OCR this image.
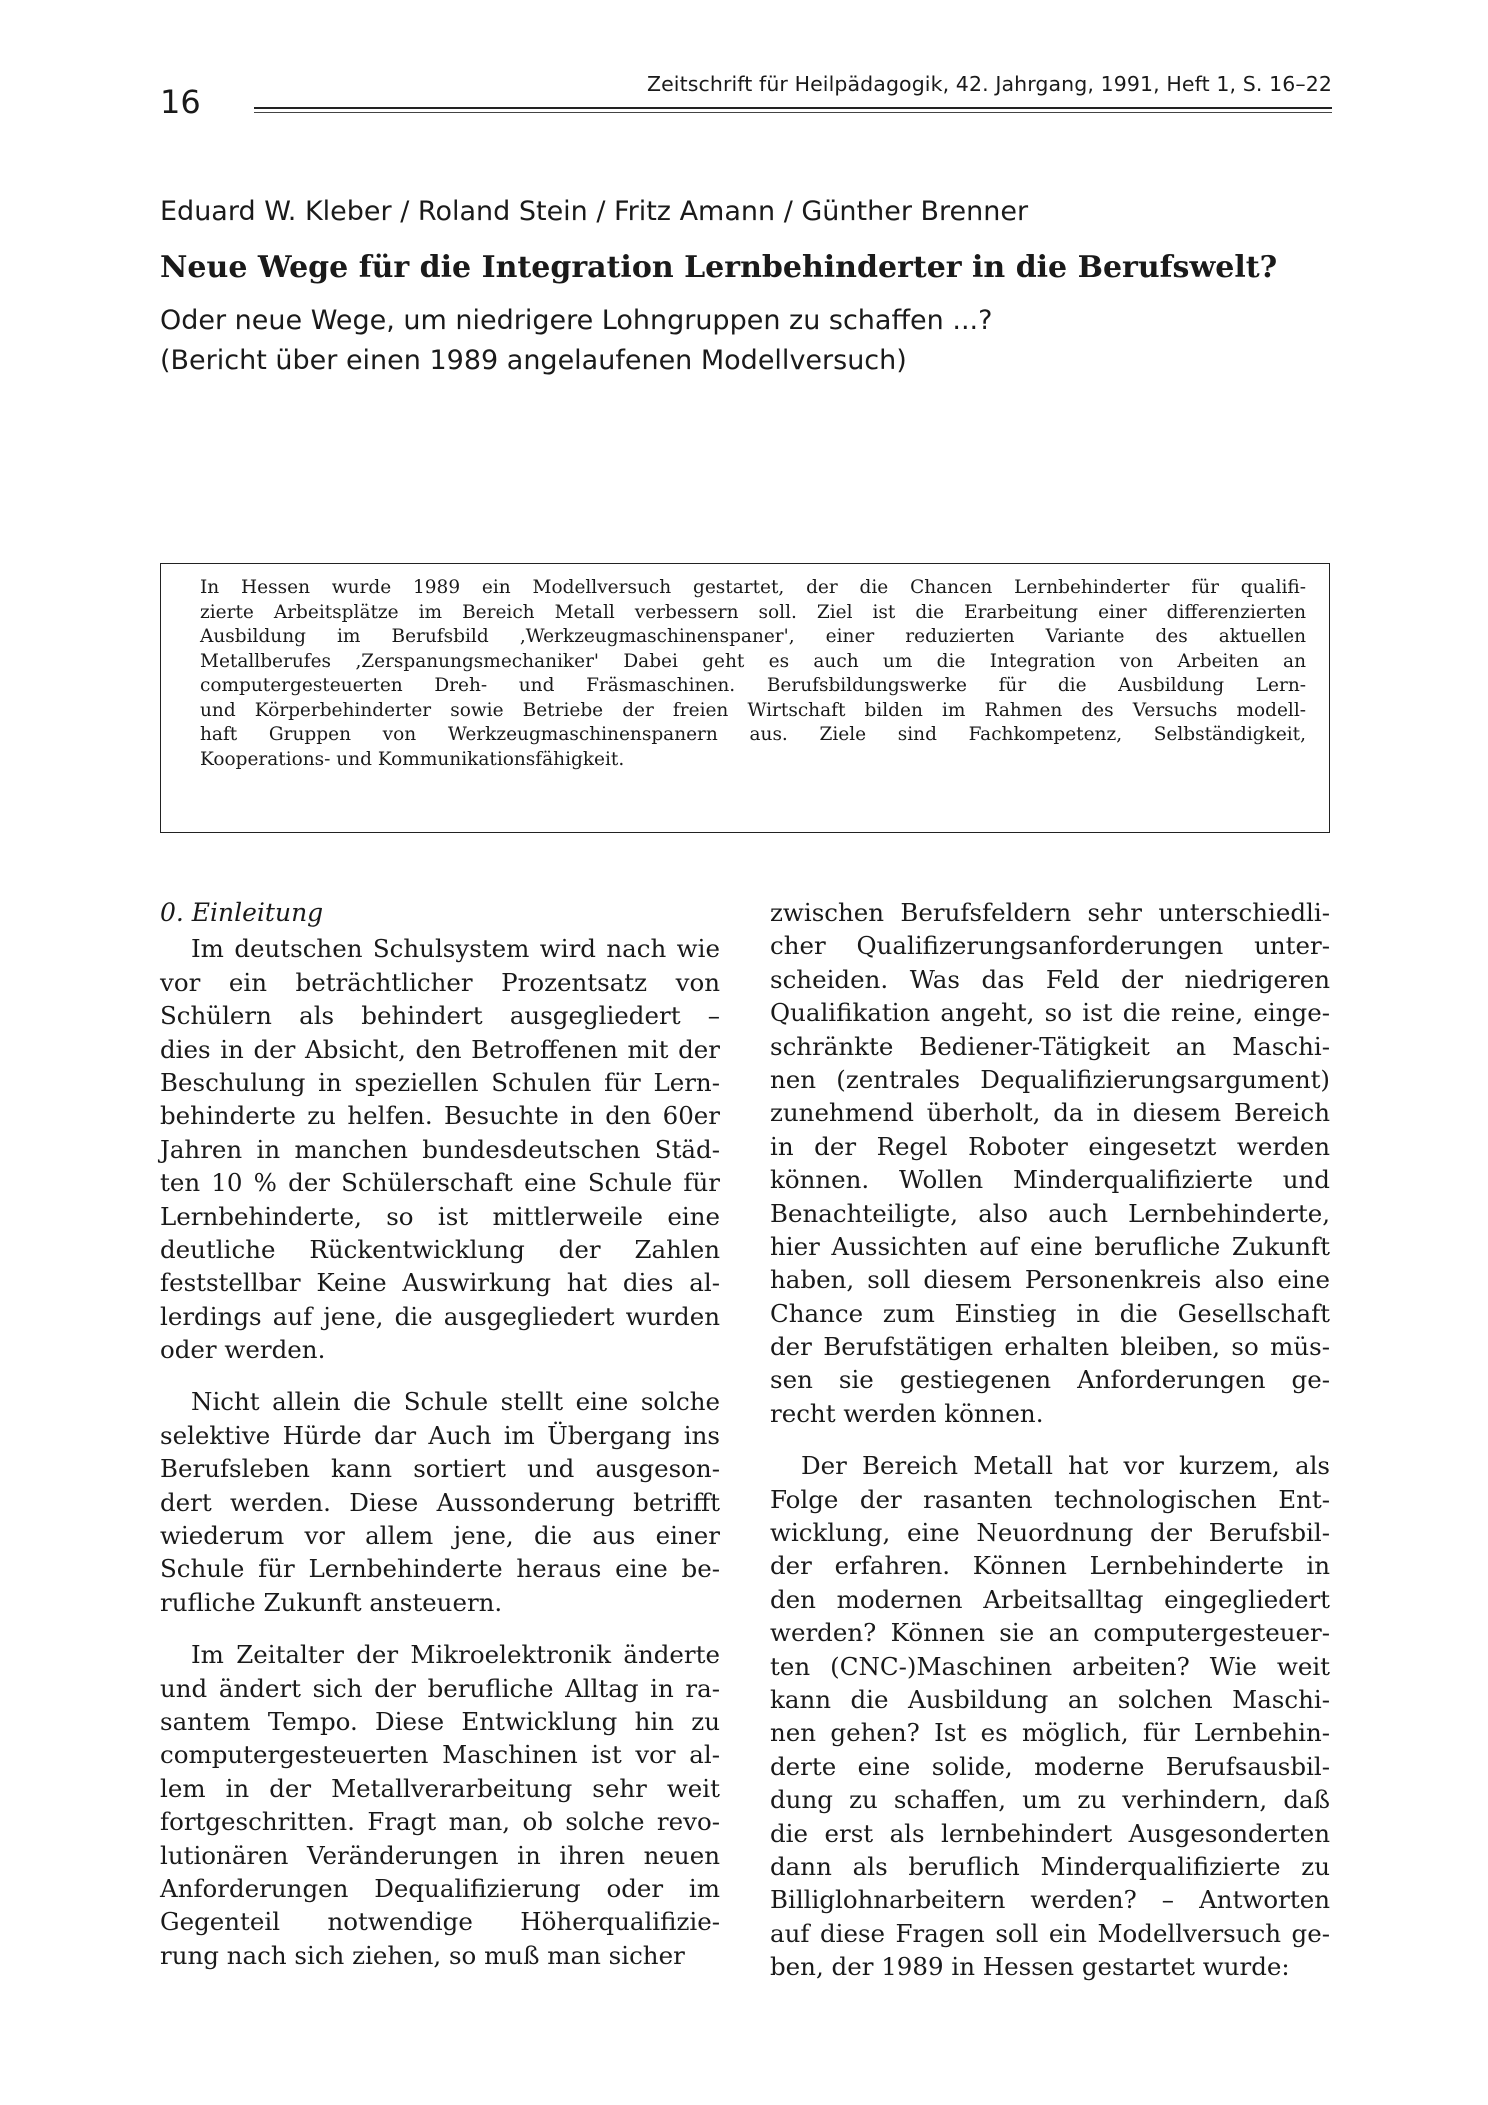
16	Zeitschrift für Heilpädagogik, 42. Jahrgang, 1991, Heft 1, S. 16–22
Eduard W. Kleber / Roland Stein / Fritz Amann / Günther Brenner
Neue Wege für die Integration Lernbehinderter in die Berufswelt?
Oder neue Wege, um niedrigere Lohngruppen zu schaffen ...?
(Bericht über einen 1989 angelaufenen Modellversuch)
In Hessen wurde 1989 ein Modellversuch gestartet, der die Chancen Lernbehinderter für qualifi-
zierte Arbeitsplätze im Bereich Metall verbessern soll. Ziel ist die Erarbeitung einer differenzierten
Ausbildung im Berufsbild ‚Werkzeugmaschinenspaner', einer reduzierten Variante des aktuellen
Metallberufes ‚Zerspanungsmechaniker' Dabei geht es auch um die Integration von Arbeiten an
computergesteuerten Dreh- und Fräsmaschinen. Berufsbildungswerke für die Ausbildung Lern-
und Körperbehinderter sowie Betriebe der freien Wirtschaft bilden im Rahmen des Versuchs modell-
haft Gruppen von Werkzeugmaschinenspanern aus. Ziele sind Fachkompetenz, Selbständigkeit,
Kooperations- und Kommunikationsfähigkeit.
0. Einleitung
Im deutschen Schulsystem wird nach wie
vor ein beträchtlicher Prozentsatz von
Schülern als behindert ausgegliedert –
dies in der Absicht, den Betroffenen mit der
Beschulung in speziellen Schulen für Lern-
behinderte zu helfen. Besuchte in den 60er
Jahren in manchen bundesdeutschen Städ-
ten 10 % der Schülerschaft eine Schule für
Lernbehinderte, so ist mittlerweile eine
deutliche Rückentwicklung der Zahlen
feststellbar Keine Auswirkung hat dies al-
lerdings auf jene, die ausgegliedert wurden
oder werden.
Nicht allein die Schule stellt eine solche
selektive Hürde dar Auch im Übergang ins
Berufsleben kann sortiert und ausgeson-
dert werden. Diese Aussonderung betrifft
wiederum vor allem jene, die aus einer
Schule für Lernbehinderte heraus eine be-
rufliche Zukunft ansteuern.
Im Zeitalter der Mikroelektronik änderte
und ändert sich der berufliche Alltag in ra-
santem Tempo. Diese Entwicklung hin zu
computergesteuerten Maschinen ist vor al-
lem in der Metallverarbeitung sehr weit
fortgeschritten. Fragt man, ob solche revo-
lutionären Veränderungen in ihren neuen
Anforderungen Dequalifizierung oder im
Gegenteil notwendige Höherqualifizie-
rung nach sich ziehen, so muß man sicher
zwischen Berufsfeldern sehr unterschiedli-
cher Qualifizerungsanforderungen unter-
scheiden. Was das Feld der niedrigeren
Qualifikation angeht, so ist die reine, einge-
schränkte Bediener-Tätigkeit an Maschi-
nen (zentrales Dequalifizierungsargument)
zunehmend überholt, da in diesem Bereich
in der Regel Roboter eingesetzt werden
können. Wollen Minderqualifizierte und
Benachteiligte, also auch Lernbehinderte,
hier Aussichten auf eine berufliche Zukunft
haben, soll diesem Personenkreis also eine
Chance zum Einstieg in die Gesellschaft
der Berufstätigen erhalten bleiben, so müs-
sen sie gestiegenen Anforderungen ge-
recht werden können.
Der Bereich Metall hat vor kurzem, als
Folge der rasanten technologischen Ent-
wicklung, eine Neuordnung der Berufsbil-
der erfahren. Können Lernbehinderte in
den modernen Arbeitsalltag eingegliedert
werden? Können sie an computergesteuer-
ten (CNC-)Maschinen arbeiten? Wie weit
kann die Ausbildung an solchen Maschi-
nen gehen? Ist es möglich, für Lernbehin-
derte eine solide, moderne Berufsausbil-
dung zu schaffen, um zu verhindern, daß
die erst als lernbehindert Ausgesonderten
dann als beruflich Minderqualifizierte zu
Billiglohnarbeitern werden? – Antworten
auf diese Fragen soll ein Modellversuch ge-
ben, der 1989 in Hessen gestartet wurde:
